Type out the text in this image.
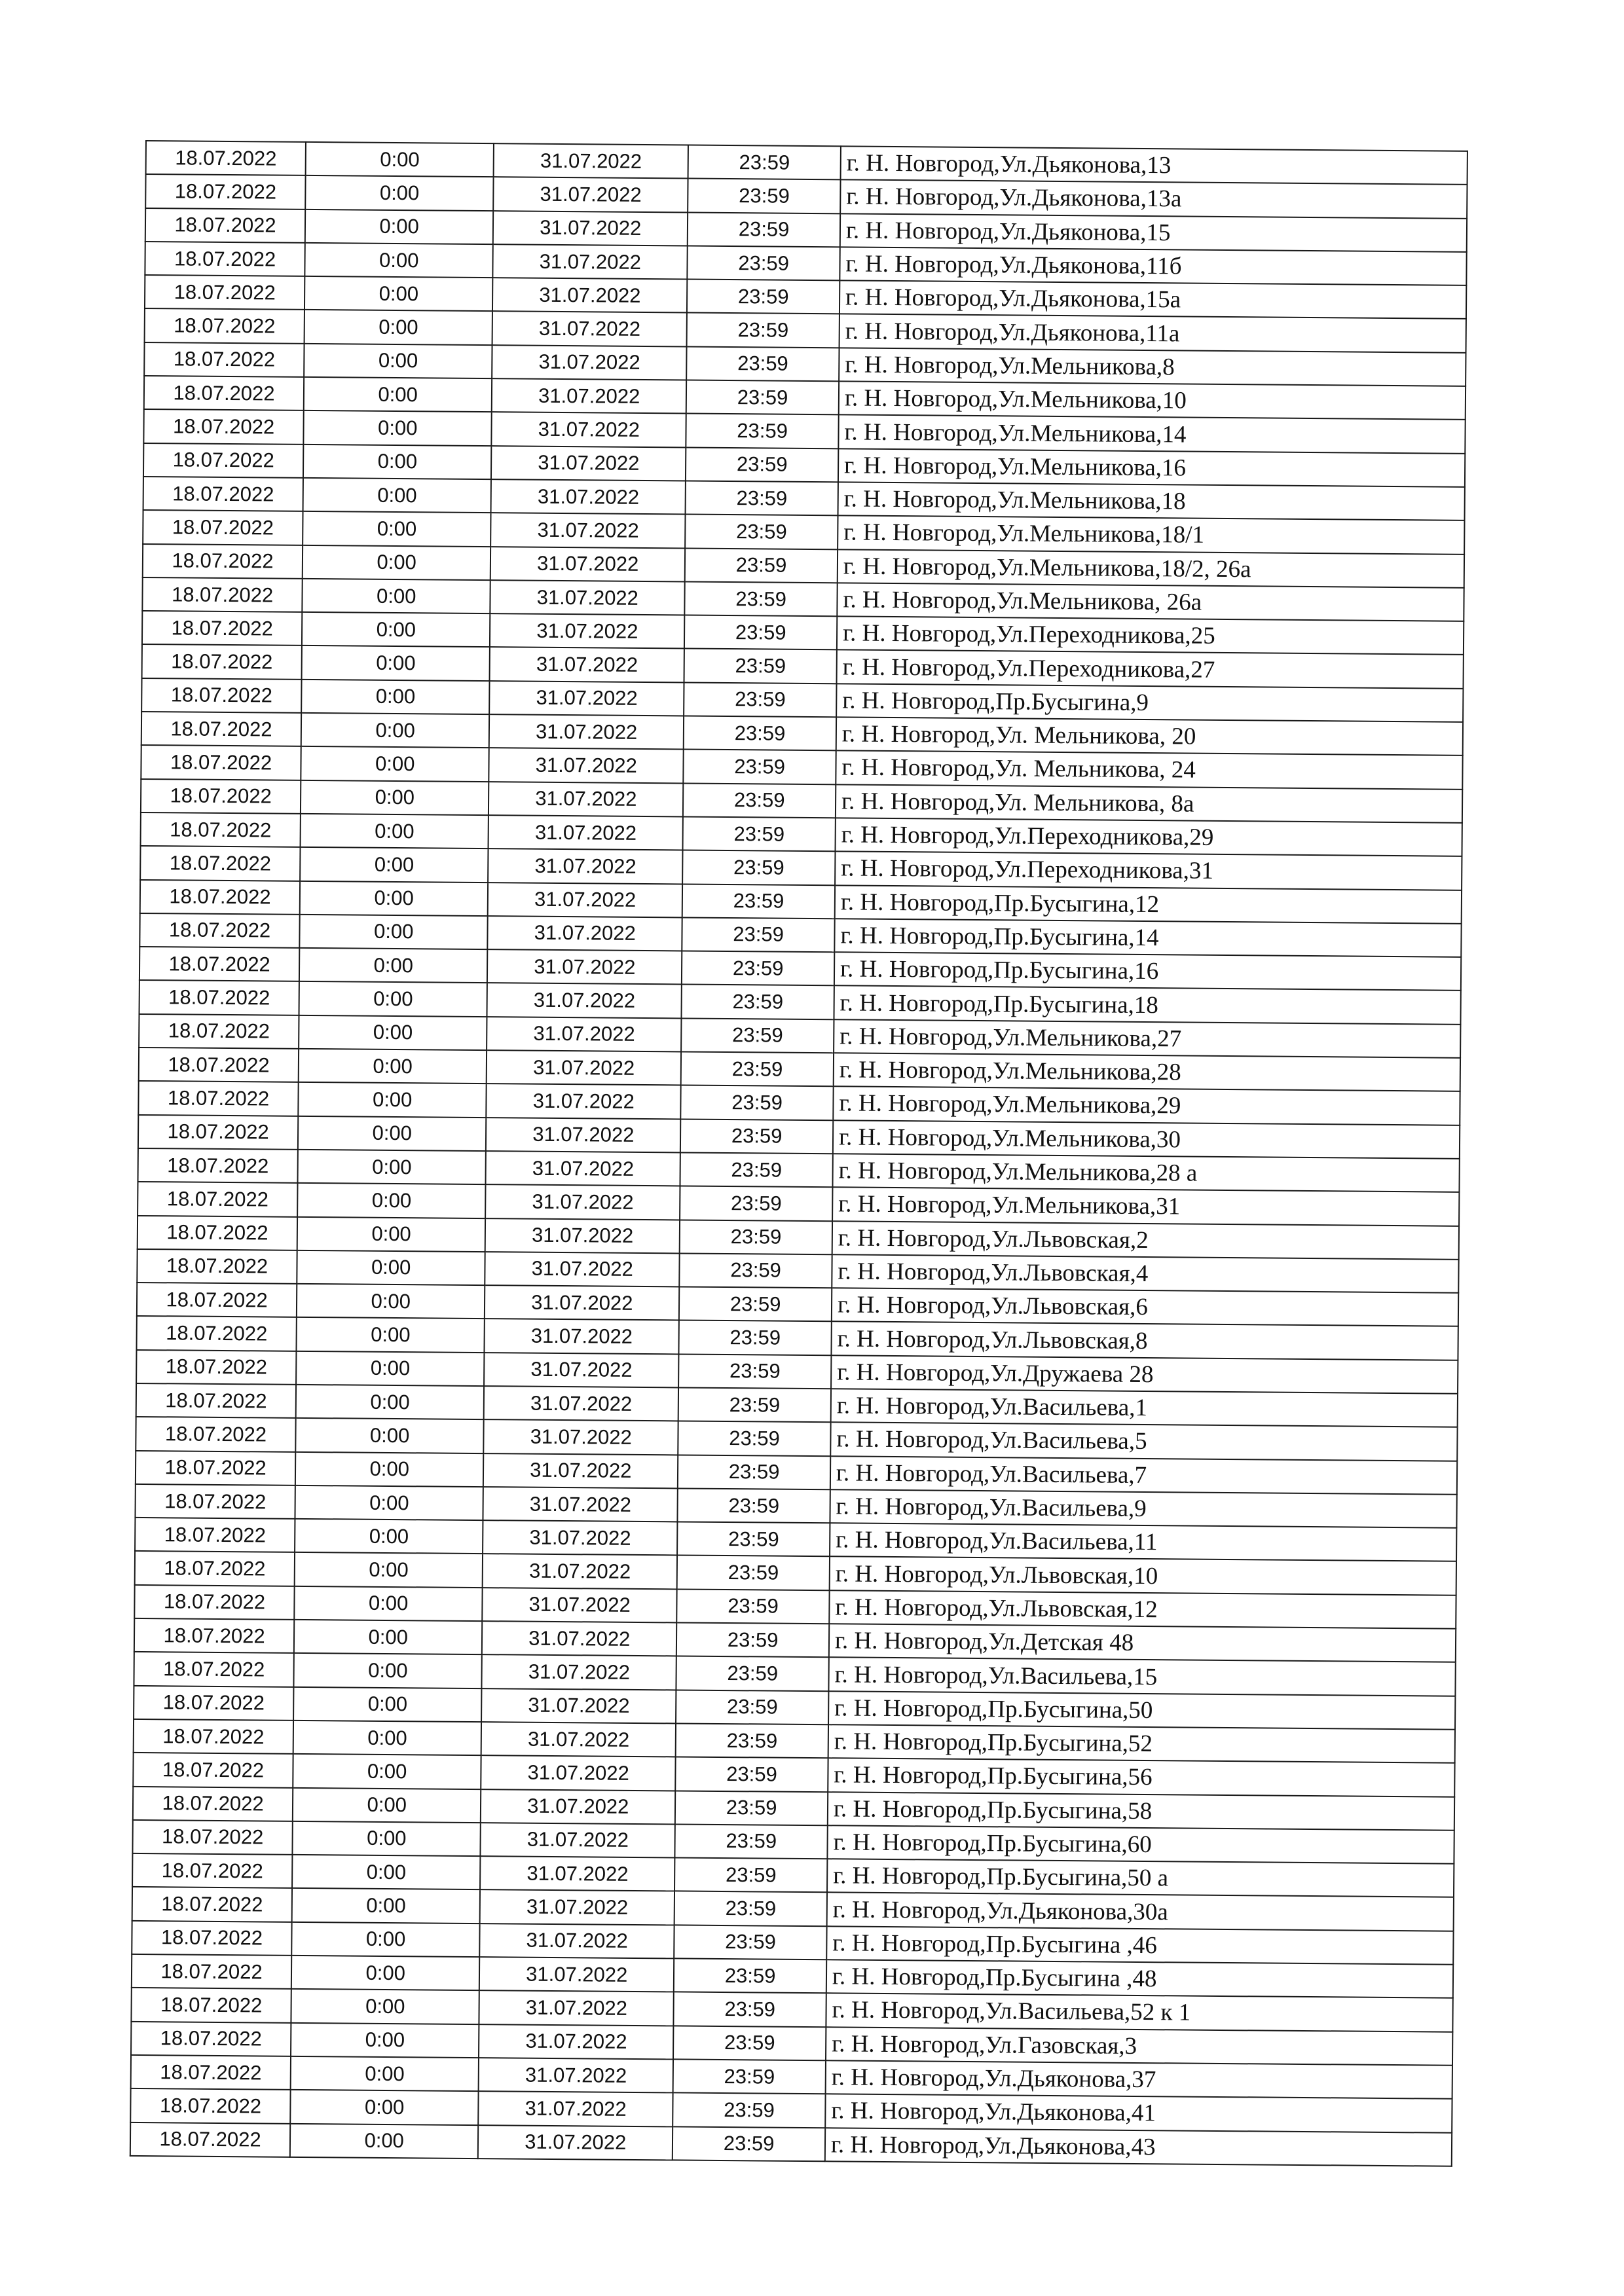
18.07.2022	0:00	31.07.2022	23:59	г. Н. Новгород,Ул.Дьяконова,13
18.07.2022	0:00	31.07.2022	23:59	г. Н. Новгород,Ул.Дьяконова,13а
18.07.2022	0:00	31.07.2022	23:59	г. Н. Новгород,Ул.Дьяконова,15
18.07.2022	0:00	31.07.2022	23:59	г. Н. Новгород,Ул.Дьяконова,11б
18.07.2022	0:00	31.07.2022	23:59	г. Н. Новгород,Ул.Дьяконова,15а
18.07.2022	0:00	31.07.2022	23:59	г. Н. Новгород,Ул.Дьяконова,11а
18.07.2022	0:00	31.07.2022	23:59	г. Н. Новгород,Ул.Мельникова,8
18.07.2022	0:00	31.07.2022	23:59	г. Н. Новгород,Ул.Мельникова,10
18.07.2022	0:00	31.07.2022	23:59	г. Н. Новгород,Ул.Мельникова,14
18.07.2022	0:00	31.07.2022	23:59	г. Н. Новгород,Ул.Мельникова,16
18.07.2022	0:00	31.07.2022	23:59	г. Н. Новгород,Ул.Мельникова,18
18.07.2022	0:00	31.07.2022	23:59	г. Н. Новгород,Ул.Мельникова,18/1
18.07.2022	0:00	31.07.2022	23:59	г. Н. Новгород,Ул.Мельникова,18/2, 26а
18.07.2022	0:00	31.07.2022	23:59	г. Н. Новгород,Ул.Мельникова, 26а
18.07.2022	0:00	31.07.2022	23:59	г. Н. Новгород,Ул.Переходникова,25
18.07.2022	0:00	31.07.2022	23:59	г. Н. Новгород,Ул.Переходникова,27
18.07.2022	0:00	31.07.2022	23:59	г. Н. Новгород,Пр.Бусыгина,9
18.07.2022	0:00	31.07.2022	23:59	г. Н. Новгород,Ул. Мельникова, 20
18.07.2022	0:00	31.07.2022	23:59	г. Н. Новгород,Ул. Мельникова, 24
18.07.2022	0:00	31.07.2022	23:59	г. Н. Новгород,Ул. Мельникова, 8а
18.07.2022	0:00	31.07.2022	23:59	г. Н. Новгород,Ул.Переходникова,29
18.07.2022	0:00	31.07.2022	23:59	г. Н. Новгород,Ул.Переходникова,31
18.07.2022	0:00	31.07.2022	23:59	г. Н. Новгород,Пр.Бусыгина,12
18.07.2022	0:00	31.07.2022	23:59	г. Н. Новгород,Пр.Бусыгина,14
18.07.2022	0:00	31.07.2022	23:59	г. Н. Новгород,Пр.Бусыгина,16
18.07.2022	0:00	31.07.2022	23:59	г. Н. Новгород,Пр.Бусыгина,18
18.07.2022	0:00	31.07.2022	23:59	г. Н. Новгород,Ул.Мельникова,27
18.07.2022	0:00	31.07.2022	23:59	г. Н. Новгород,Ул.Мельникова,28
18.07.2022	0:00	31.07.2022	23:59	г. Н. Новгород,Ул.Мельникова,29
18.07.2022	0:00	31.07.2022	23:59	г. Н. Новгород,Ул.Мельникова,30
18.07.2022	0:00	31.07.2022	23:59	г. Н. Новгород,Ул.Мельникова,28 а
18.07.2022	0:00	31.07.2022	23:59	г. Н. Новгород,Ул.Мельникова,31
18.07.2022	0:00	31.07.2022	23:59	г. Н. Новгород,Ул.Львовская,2
18.07.2022	0:00	31.07.2022	23:59	г. Н. Новгород,Ул.Львовская,4
18.07.2022	0:00	31.07.2022	23:59	г. Н. Новгород,Ул.Львовская,6
18.07.2022	0:00	31.07.2022	23:59	г. Н. Новгород,Ул.Львовская,8
18.07.2022	0:00	31.07.2022	23:59	г. Н. Новгород,Ул.Дружаева 28
18.07.2022	0:00	31.07.2022	23:59	г. Н. Новгород,Ул.Васильева,1
18.07.2022	0:00	31.07.2022	23:59	г. Н. Новгород,Ул.Васильева,5
18.07.2022	0:00	31.07.2022	23:59	г. Н. Новгород,Ул.Васильева,7
18.07.2022	0:00	31.07.2022	23:59	г. Н. Новгород,Ул.Васильева,9
18.07.2022	0:00	31.07.2022	23:59	г. Н. Новгород,Ул.Васильева,11
18.07.2022	0:00	31.07.2022	23:59	г. Н. Новгород,Ул.Львовская,10
18.07.2022	0:00	31.07.2022	23:59	г. Н. Новгород,Ул.Львовская,12
18.07.2022	0:00	31.07.2022	23:59	г. Н. Новгород,Ул.Детская 48
18.07.2022	0:00	31.07.2022	23:59	г. Н. Новгород,Ул.Васильева,15
18.07.2022	0:00	31.07.2022	23:59	г. Н. Новгород,Пр.Бусыгина,50
18.07.2022	0:00	31.07.2022	23:59	г. Н. Новгород,Пр.Бусыгина,52
18.07.2022	0:00	31.07.2022	23:59	г. Н. Новгород,Пр.Бусыгина,56
18.07.2022	0:00	31.07.2022	23:59	г. Н. Новгород,Пр.Бусыгина,58
18.07.2022	0:00	31.07.2022	23:59	г. Н. Новгород,Пр.Бусыгина,60
18.07.2022	0:00	31.07.2022	23:59	г. Н. Новгород,Пр.Бусыгина,50 а
18.07.2022	0:00	31.07.2022	23:59	г. Н. Новгород,Ул.Дьяконова,30а
18.07.2022	0:00	31.07.2022	23:59	г. Н. Новгород,Пр.Бусыгина ,46
18.07.2022	0:00	31.07.2022	23:59	г. Н. Новгород,Пр.Бусыгина ,48
18.07.2022	0:00	31.07.2022	23:59	г. Н. Новгород,Ул.Васильева,52 к 1
18.07.2022	0:00	31.07.2022	23:59	г. Н. Новгород,Ул.Газовская,3
18.07.2022	0:00	31.07.2022	23:59	г. Н. Новгород,Ул.Дьяконова,37
18.07.2022	0:00	31.07.2022	23:59	г. Н. Новгород,Ул.Дьяконова,41
18.07.2022	0:00	31.07.2022	23:59	г. Н. Новгород,Ул.Дьяконова,43
